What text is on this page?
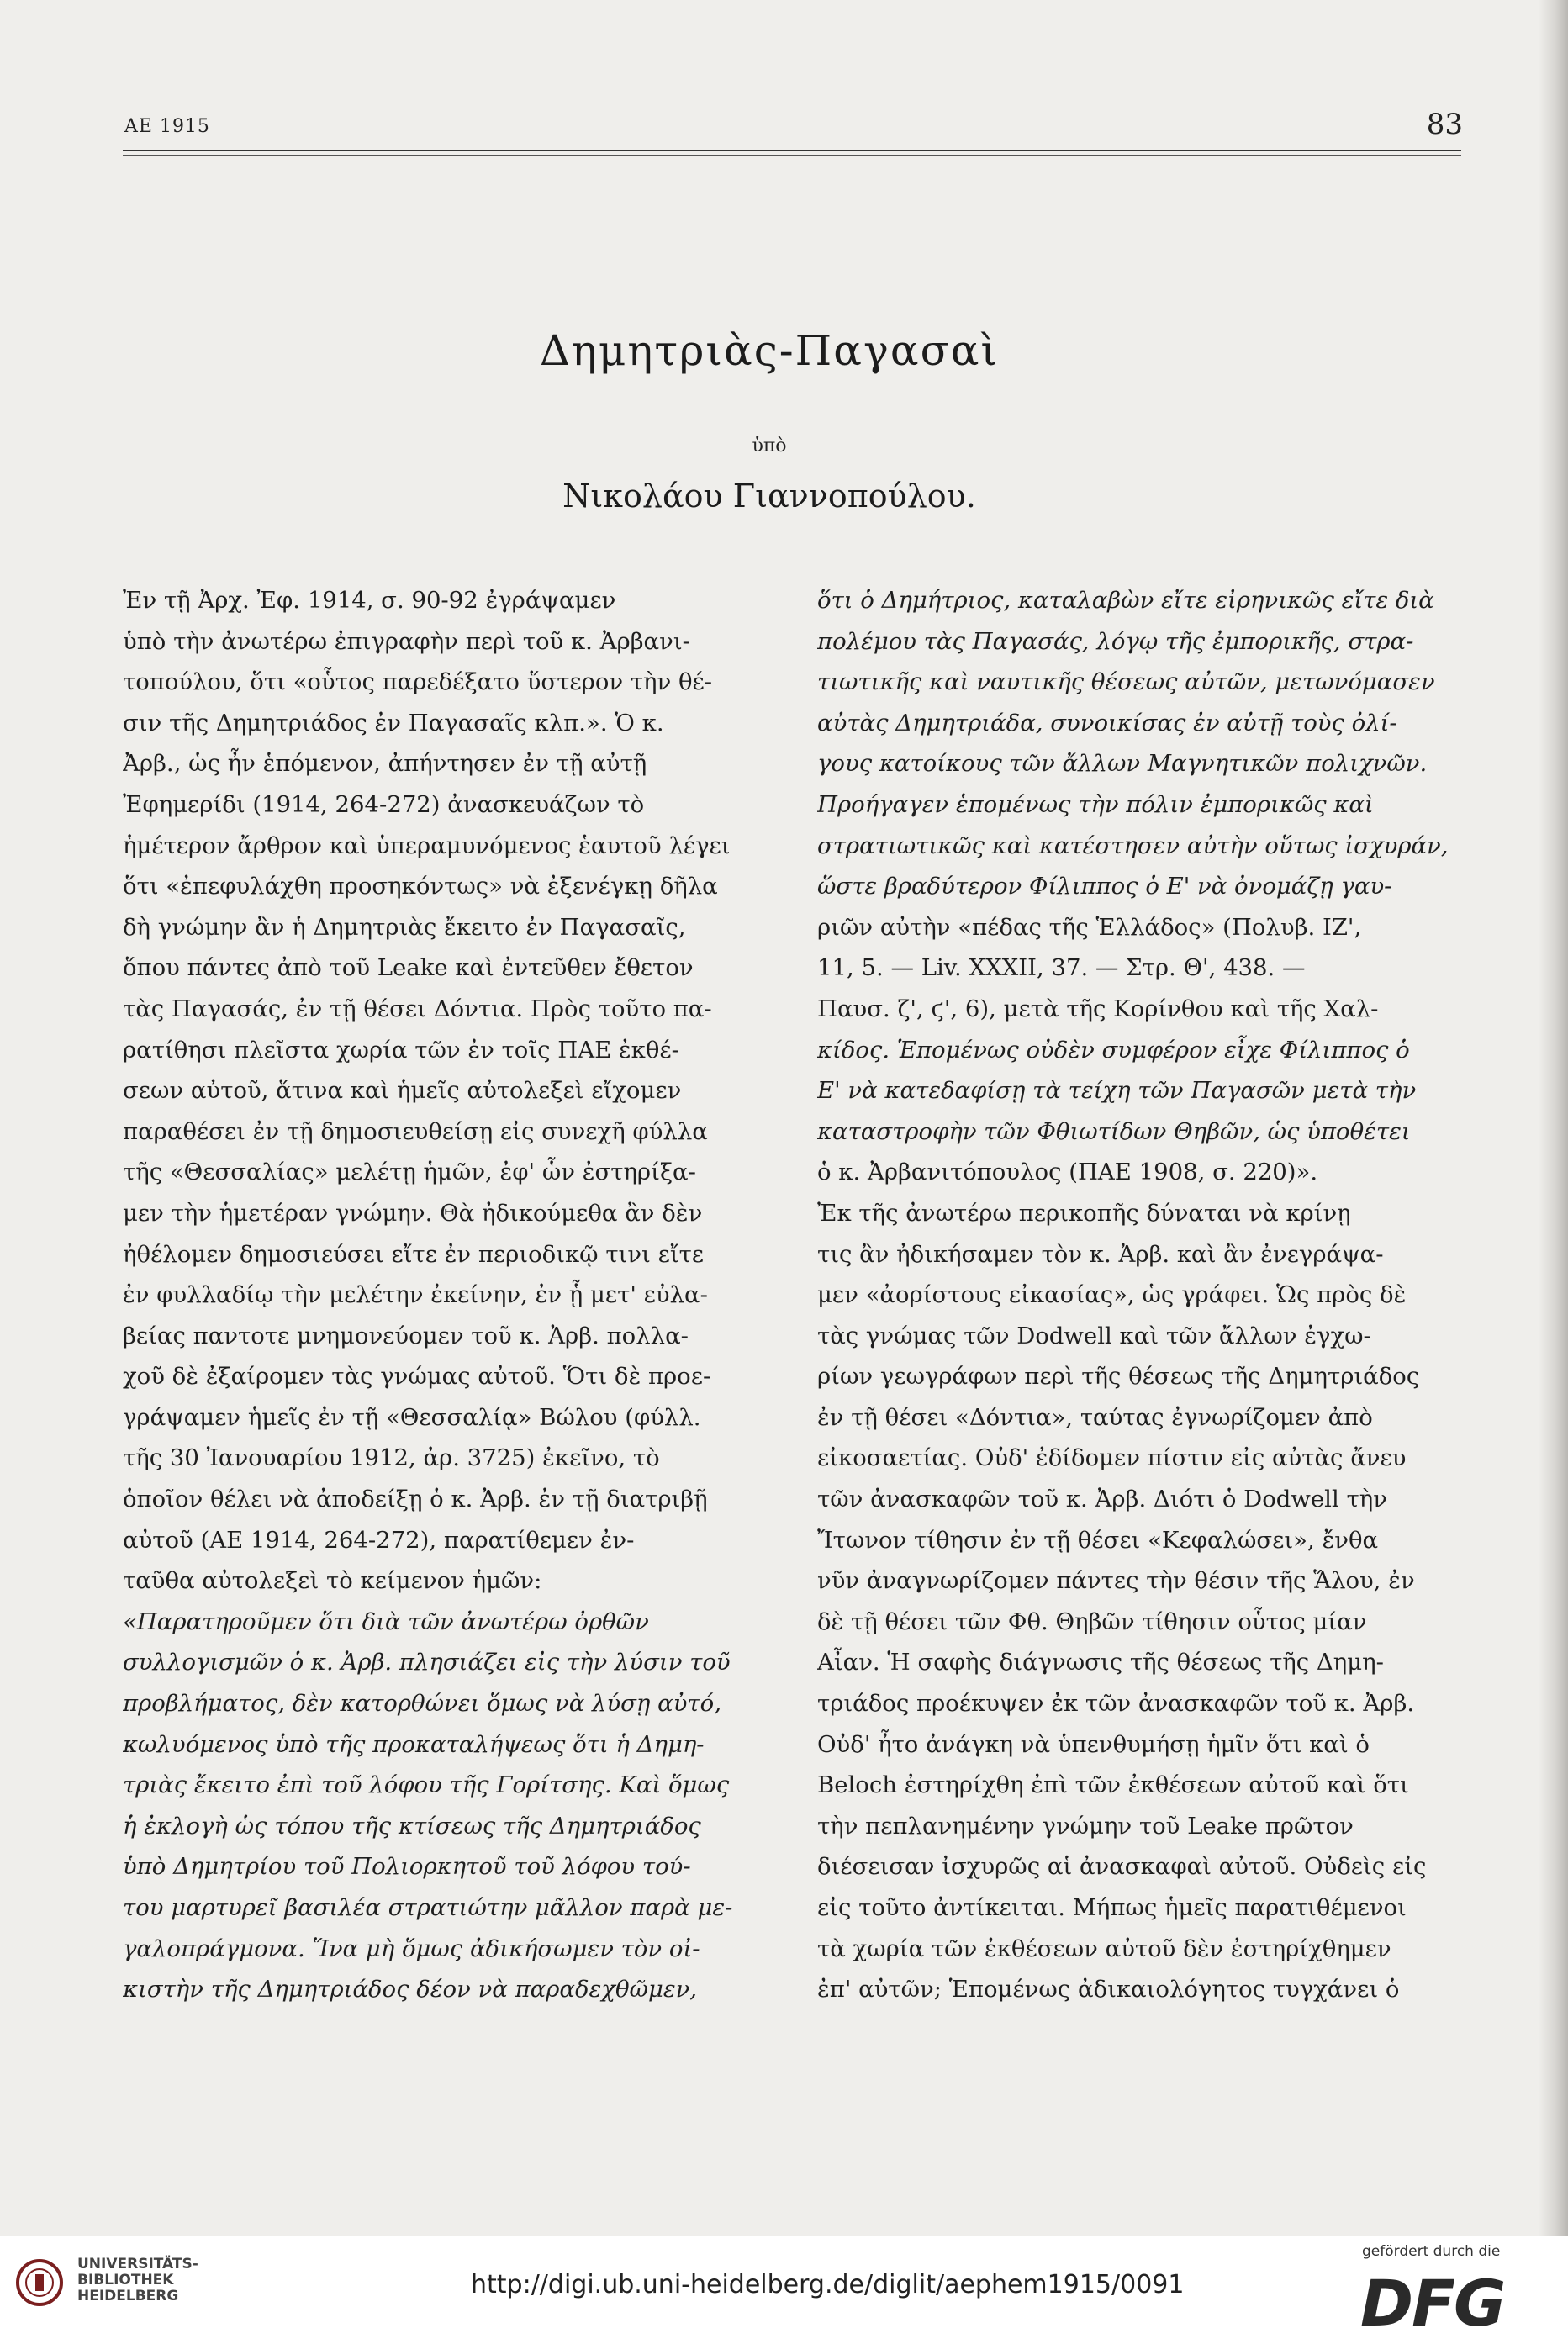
AE 1915	83
Δημητριὰς-Παγασαὶ
ὑπὸ
Νικολάου Γιαννοπούλου.
Ἐν τῇ Ἀρχ. Ἐφ. 1914, σ. 90-92 ἐγράψαμεν
ὑπὸ τὴν ἀνωτέρω ἐπιγραφὴν περὶ τοῦ κ. Ἀρβανι-
τοπούλου, ὅτι «οὗτος παρεδέξατο ὕστερον τὴν θέ-
σιν τῆς Δημητριάδος ἐν Παγασαῖς κλπ.». Ὁ κ.
Ἀρβ., ὡς ἦν ἑπόμενον, ἀπήντησεν ἐν τῇ αὐτῇ
Ἐφημερίδι (1914, 264-272) ἀνασκευάζων τὸ
ἡμέτερον ἄρθρον καὶ ὑπεραμυνόμενος ἑαυτοῦ λέγει
ὅτι «ἐπεφυλάχθη προσηκόντως» νὰ ἐξενέγκῃ δῆλα
δὴ γνώμην ἂν ἡ Δημητριὰς ἔκειτο ἐν Παγασαῖς,
ὅπου πάντες ἀπὸ τοῦ Leake καὶ ἐντεῦθεν ἔθετον
τὰς Παγασάς, ἐν τῇ θέσει Δόντια. Πρὸς τοῦτο πα-
ρατίθησι πλεῖστα χωρία τῶν ἐν τοῖς ΠΑΕ ἐκθέ-
σεων αὐτοῦ, ἅτινα καὶ ἡμεῖς αὐτολεξεὶ εἴχομεν
παραθέσει ἐν τῇ δημοσιευθείσῃ εἰς συνεχῆ φύλλα
τῆς «Θεσσαλίας» μελέτῃ ἡμῶν, ἐφ' ὧν ἐστηρίξα-
μεν τὴν ἡμετέραν γνώμην. Θὰ ἠδικούμεθα ἂν δὲν
ἠθέλομεν δημοσιεύσει εἴτε ἐν περιοδικῷ τινι εἴτε
ἐν φυλλαδίῳ τὴν μελέτην ἐκείνην, ἐν ᾗ μετ' εὐλα-
βείας παντοτε μνημονεύομεν τοῦ κ. Ἀρβ. πολλα-
χοῦ δὲ ἐξαίρομεν τὰς γνώμας αὐτοῦ. Ὅτι δὲ προε-
γράψαμεν ἡμεῖς ἐν τῇ «Θεσσαλίᾳ» Βώλου (φύλλ.
τῆς 30 Ἰανουαρίου 1912, ἀρ. 3725) ἐκεῖνο, τὸ
ὁποῖον θέλει νὰ ἀποδείξῃ ὁ κ. Ἀρβ. ἐν τῇ διατριβῇ
αὐτοῦ (ΑΕ 1914, 264-272), παρατίθεμεν ἐν-
ταῦθα αὐτολεξεὶ τὸ κείμενον ἡμῶν:
«Παρατηροῦμεν ὅτι διὰ τῶν ἀνωτέρω ὀρθῶν
συλλογισμῶν ὁ κ. Ἀρβ. πλησιάζει εἰς τὴν λύσιν τοῦ
προβλήματος, δὲν κατορθώνει ὅμως νὰ λύσῃ αὐτό,
κωλυόμενος ὑπὸ τῆς προκαταλήψεως ὅτι ἡ Δημη-
τριὰς ἔκειτο ἐπὶ τοῦ λόφου τῆς Γορίτσης. Καὶ ὅμως
ἡ ἐκλογὴ ὡς τόπου τῆς κτίσεως τῆς Δημητριάδος
ὑπὸ Δημητρίου τοῦ Πολιορκητοῦ τοῦ λόφου τού-
του μαρτυρεῖ βασιλέα στρατιώτην μᾶλλον παρὰ με-
γαλοπράγμονα. Ἵνα μὴ ὅμως ἀδικήσωμεν τὸν οἰ-
κιστὴν τῆς Δημητριάδος δέον νὰ παραδεχθῶμεν,
ὅτι ὁ Δημήτριος, καταλαβὼν εἴτε εἰρηνικῶς εἴτε διὰ
πολέμου τὰς Παγασάς, λόγῳ τῆς ἐμπορικῆς, στρα-
τιωτικῆς καὶ ναυτικῆς θέσεως αὐτῶν, μετωνόμασεν
αὐτὰς Δημητριάδα, συνοικίσας ἐν αὐτῇ τοὺς ὀλί-
γους κατοίκους τῶν ἄλλων Μαγνητικῶν πολιχνῶν.
Προήγαγεν ἑπομένως τὴν πόλιν ἐμπορικῶς καὶ
στρατιωτικῶς καὶ κατέστησεν αὐτὴν οὕτως ἰσχυράν,
ὥστε βραδύτερον Φίλιππος ὁ Ε' νὰ ὀνομάζῃ γαυ-
ριῶν αὐτὴν «πέδας τῆς Ἑλλάδος» (Πολυβ. ΙΖ',
11, 5. — Liv. XXXII, 37. — Στρ. Θ', 438. —
Παυσ. ζ', ϛ', 6), μετὰ τῆς Κορίνθου καὶ τῆς Χαλ-
κίδος. Ἑπομένως οὐδὲν συμφέρον εἶχε Φίλιππος ὁ
Ε' νὰ κατεδαφίσῃ τὰ τείχη τῶν Παγασῶν μετὰ τὴν
καταστροφὴν τῶν Φθιωτίδων Θηβῶν, ὡς ὑποθέτει
ὁ κ. Ἀρβανιτόπουλος (ΠΑΕ 1908, σ. 220)».
Ἐκ τῆς ἀνωτέρω περικοπῆς δύναται νὰ κρίνῃ
τις ἂν ἠδικήσαμεν τὸν κ. Ἀρβ. καὶ ἂν ἐνεγράψα-
μεν «ἀορίστους εἰκασίας», ὡς γράφει. Ὡς πρὸς δὲ
τὰς γνώμας τῶν Dodwell καὶ τῶν ἄλλων ἐγχω-
ρίων γεωγράφων περὶ τῆς θέσεως τῆς Δημητριάδος
ἐν τῇ θέσει «Δόντια», ταύτας ἐγνωρίζομεν ἀπὸ
εἰκοσαετίας. Οὐδ' ἐδίδομεν πίστιν εἰς αὐτὰς ἄνευ
τῶν ἀνασκαφῶν τοῦ κ. Ἀρβ. Διότι ὁ Dodwell τὴν
Ἴτωνον τίθησιν ἐν τῇ θέσει «Κεφαλώσει», ἔνθα
νῦν ἀναγνωρίζομεν πάντες τὴν θέσιν τῆς Ἅλου, ἐν
δὲ τῇ θέσει τῶν Φθ. Θηβῶν τίθησιν οὗτος μίαν
Αἶαν. Ἡ σαφὴς διάγνωσις τῆς θέσεως τῆς Δημη-
τριάδος προέκυψεν ἐκ τῶν ἀνασκαφῶν τοῦ κ. Ἀρβ.
Οὐδ' ἦτο ἀνάγκη νὰ ὑπενθυμήσῃ ἡμῖν ὅτι καὶ ὁ
Beloch ἐστηρίχθη ἐπὶ τῶν ἐκθέσεων αὐτοῦ καὶ ὅτι
τὴν πεπλανημένην γνώμην τοῦ Leake πρῶτον
διέσεισαν ἰσχυρῶς αἱ ἀνασκαφαὶ αὐτοῦ. Οὐδεὶς εἰς
εἰς τοῦτο ἀντίκειται. Μήπως ἡμεῖς παρατιθέμενοι
τὰ χωρία τῶν ἐκθέσεων αὐτοῦ δὲν ἐστηρίχθημεν
ἐπ' αὐτῶν; Ἑπομένως ἀδικαιολόγητος τυγχάνει ὁ
UNIVERSITÄTS-
BIBLIOTHEK
HEIDELBERG	http://digi.ub.uni-heidelberg.de/diglit/aephem1915/0091
gefördert durch die
DFG
